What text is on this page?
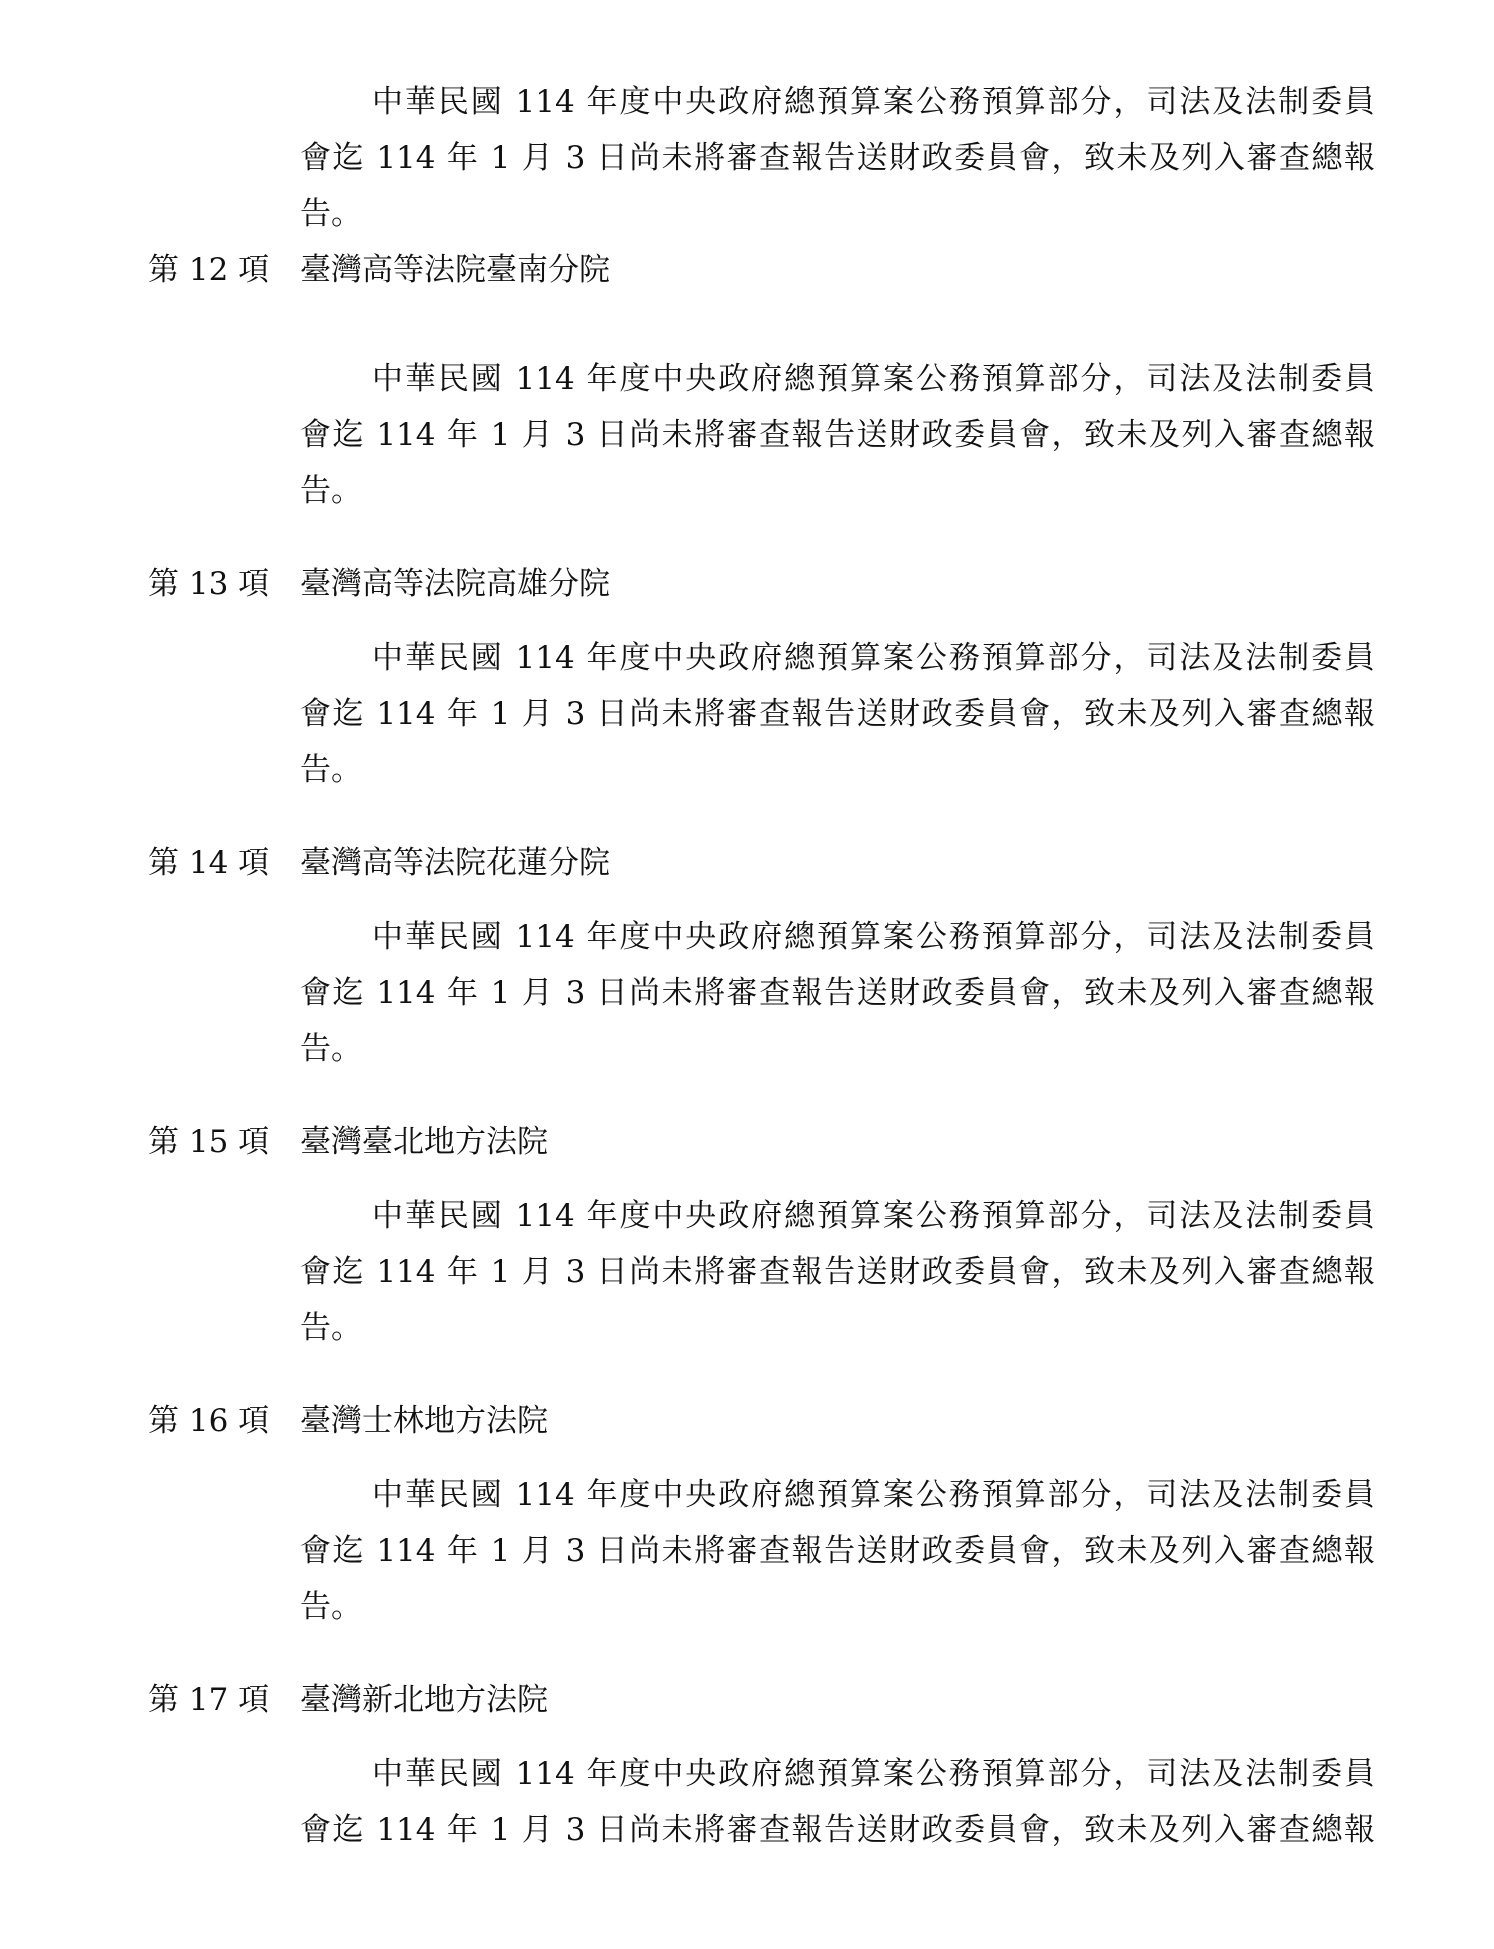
中華民國 114 年度中央政府總預算案公務預算部分，司法及法制委員

會迄 114 年 1 月 3 日尚未將審查報告送財政委員會，致未及列入審查總報

告。

第 12 項 臺灣高等法院臺南分院

中華民國 114 年度中央政府總預算案公務預算部分，司法及法制委員

會迄 114 年 1 月 3 日尚未將審查報告送財政委員會，致未及列入審查總報

告。

第 13 項 臺灣高等法院高雄分院

中華民國 114 年度中央政府總預算案公務預算部分，司法及法制委員

會迄 114 年 1 月 3 日尚未將審查報告送財政委員會，致未及列入審查總報

告。

第 14 項 臺灣高等法院花蓮分院

中華民國 114 年度中央政府總預算案公務預算部分，司法及法制委員

會迄 114 年 1 月 3 日尚未將審查報告送財政委員會，致未及列入審查總報

告。

第 15 項 臺灣臺北地方法院

中華民國 114 年度中央政府總預算案公務預算部分，司法及法制委員

會迄 114 年 1 月 3 日尚未將審查報告送財政委員會，致未及列入審查總報

告。

第 16 項 臺灣士林地方法院

中華民國 114 年度中央政府總預算案公務預算部分，司法及法制委員

會迄 114 年 1 月 3 日尚未將審查報告送財政委員會，致未及列入審查總報

告。

第 17 項 臺灣新北地方法院

中華民國 114 年度中央政府總預算案公務預算部分，司法及法制委員

會迄 114 年 1 月 3 日尚未將審查報告送財政委員會，致未及列入審查總報
